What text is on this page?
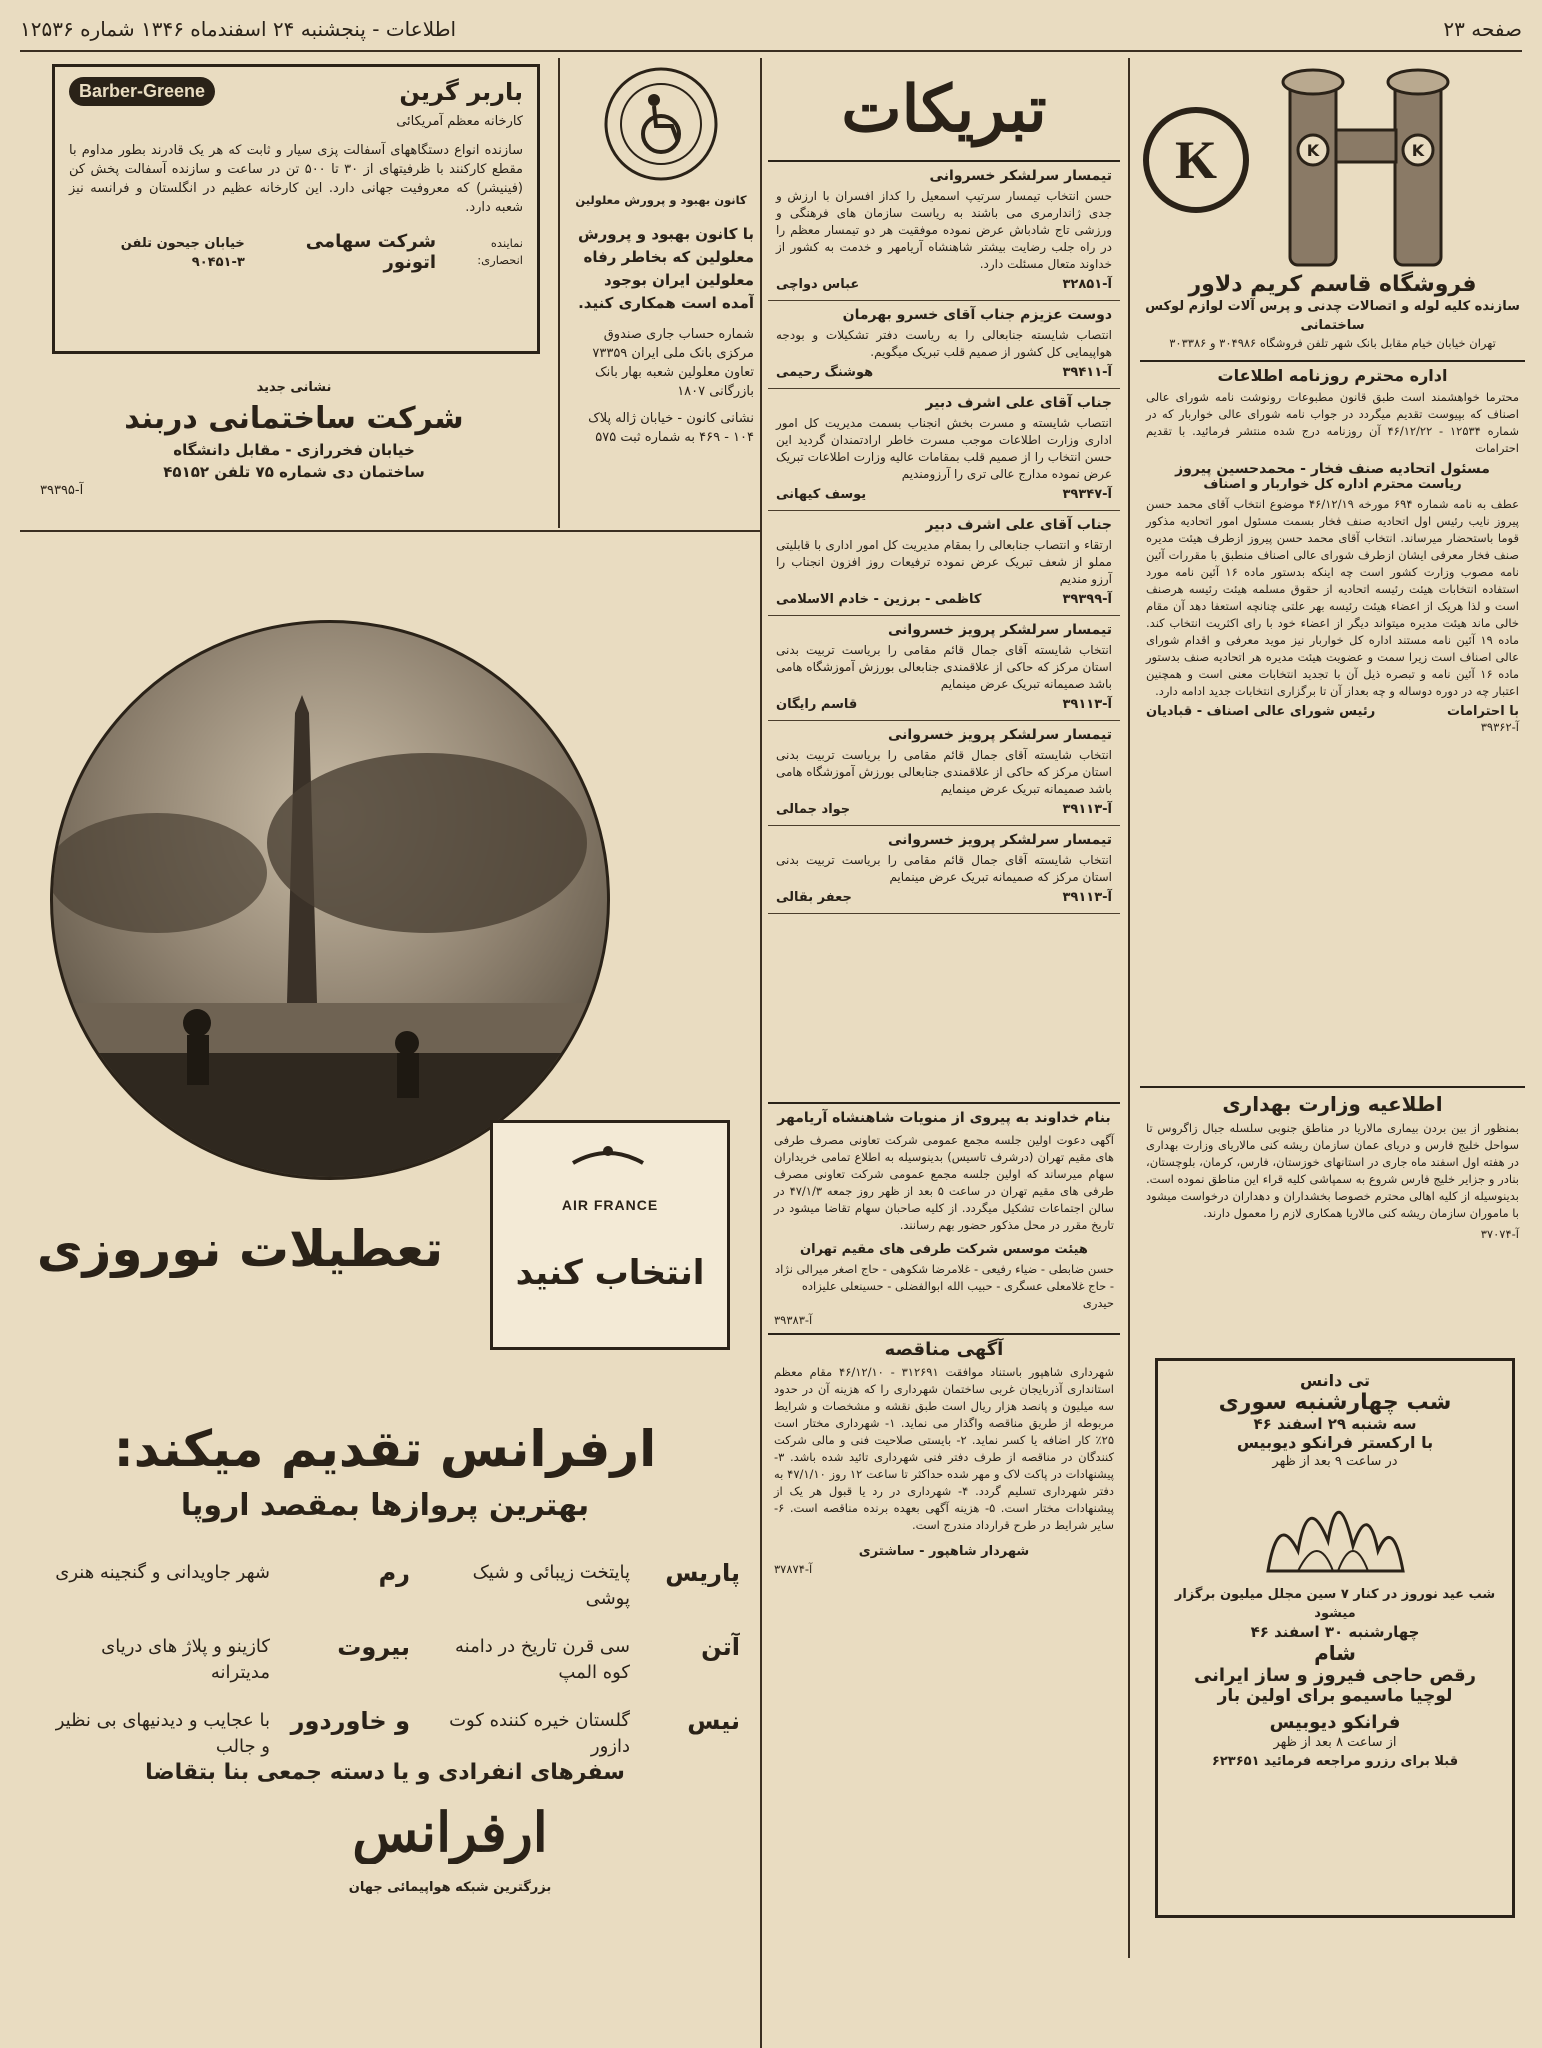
صفحه ۲۳
اطلاعات - پنجشنبه ۲۴ اسفندماه ۱۳۴۶ شماره ۱۲۵۳۶
K	K	K
فروشگاه قاسم کریم دلاور
سازنده کلیه لوله و اتصالات چدنی و پرس آلات لوازم لوکس ساختمانی
تهران خیابان خیام مقابل بانک شهر تلفن فروشگاه ۳۰۴۹۸۶ و ۳۰۳۳۸۶
تبریکات
تیمسار سرلشکر خسروانی

حسن انتخاب تیمسار سرتیپ اسمعیل را کداز افسران با ارزش و جدی ژاندارمری می باشند به ریاست سازمان های فرهنگی و ورزشی تاج شادباش عرض نموده موفقیت هر دو تیمسار معظم را در راه جلب رضایت بیشتر شاهنشاه آریامهر و خدمت به کشور از خداوند متعال مسئلت دارد.

آ-۳۲۸۵۱
عباس دواچی
دوست عزیزم جناب آقای خسرو بهرمان

انتصاب شایسته جنابعالی را به ریاست دفتر تشکیلات و بودجه هواپیمایی کل کشور از صمیم قلب تبریک میگویم.

آ-۳۹۴۱۱
هوشنگ رحیمی
جناب آقای علی اشرف دبیر

انتصاب شایسته و مسرت بخش انجناب بسمت مدیریت کل امور اداری وزارت اطلاعات موجب مسرت خاطر ارادتمندان گردید این حسن انتخاب را از صمیم قلب بمقامات عالیه وزارت اطلاعات تبریک عرض نموده مدارج عالی تری را آرزومندیم

آ-۳۹۳۴۷
یوسف کیهانی
جناب آقای علی اشرف دبیر

ارتقاء و انتصاب جنابعالی را بمقام مدیریت کل امور اداری با قابلیتی مملو از شعف تبریک عرض نموده ترفیعات روز افزون انجناب را آرزو مندیم

آ-۳۹۳۹۹
کاظمی - برزین - خادم الاسلامی
تیمسار سرلشکر پرویز خسروانی

انتخاب شایسته آقای جمال قائم مقامی را بریاست تربیت بدنی استان مرکز که حاکی از علاقمندی جنابعالی بورزش آموزشگاه هامی باشد صمیمانه تبریک عرض مینمایم

آ-۳۹۱۱۳
قاسم رایگان
تیمسار سرلشکر پرویز خسروانی

انتخاب شایسته آقای جمال قائم مقامی را بریاست تربیت بدنی استان مرکز که حاکی از علاقمندی جنابعالی بورزش آموزشگاه هامی باشد صمیمانه تبریک عرض مینمایم

آ-۳۹۱۱۳
جواد جمالی
تیمسار سرلشکر پرویز خسروانی

انتخاب شایسته آقای جمال قائم مقامی را بریاست تربیت بدنی استان مرکز که صمیمانه تبریک عرض مینمایم

آ-۳۹۱۱۳
جعفر بقالی
باربر گرین
Barber-Greene
کارخانه معظم آمریکائی
سازنده انواع دستگاههای آسفالت پزی سیار و ثابت که هر یک قادرند بطور مداوم با مقطع کارکنند با ظرفیتهای از ۳۰ تا ۵۰۰ تن در ساعت و سازنده آسفالت پخش کن (فینیشر) که معروفیت جهانی دارد. این کارخانه عظیم در انگلستان و فرانسه نیز شعبه دارد.
نماینده انحصاری:
شرکت سهامی اتونور
خیابان جیحون تلفن ۳-۹۰۴۵۱
کانون بهبود و پرورش معلولین
با کانون بهبود و پرورش معلولین که بخاطر رفاه معلولین ایران بوجود آمده است همکاری کنید.
شماره حساب جاری صندوق مرکزی بانک ملی ایران ۷۳۳۵۹ تعاون معلولین شعبه بهار بانک بازرگانی ۱۸۰۷
نشانی کانون - خیابان ژاله پلاک ۱۰۴ - ۴۶۹ به شماره ثبت ۵۷۵
نشانی جدید
شرکت ساختمانی دربند
خیابان فخررازی - مقابل دانشگاه
ساختمان دی شماره ۷۵ تلفن ۴۵۱۵۲
آ-۳۹۳۹۵
AIR FRANCE
انتخاب کنید
تعطیلات نوروزی
ارفرانس تقدیم میکند:
بهترین پروازها بمقصد اروپا
پاریس
پایتخت زیبائی و شیک پوشی
رم
شهر جاویدانی و گنجینه هنری
آتن
سی قرن تاریخ در دامنه کوه المپ
بیروت
کازینو و پلاژ های دریای مدیترانه
نیس
گلستان خیره کننده کوت دازور
و خاوردور
با عجایب و دیدنیهای بی نظیر و جالب
سفرهای انفرادی و یا دسته جمعی بنا بتقاضا
ارفرانس
بزرگترین شبکه هواپیمائی جهان
بنام خداوند به پیروی از منویات شاهنشاه آریامهر
آگهی دعوت اولین جلسه مجمع عمومی شرکت تعاونی مصرف طرفی های مقیم تهران (درشرف تاسیس) بدینوسیله به اطلاع تمامی خریداران سهام میرساند که اولین جلسه مجمع عمومی شرکت تعاونی مصرف طرفی های مقیم تهران در ساعت ۵ بعد از ظهر روز جمعه ۴۷/۱/۳ در سالن اجتماعات تشکیل میگردد. از کلیه صاحبان سهام تقاضا میشود در تاریخ مقرر در محل مذکور حضور بهم رسانند.
هیئت موسس شرکت طرفی های مقیم تهران
حسن ضابطی - ضیاء رفیعی - غلامرضا شکوهی - حاج اصغر میرالی نژاد - حاج غلامعلی عسگری - حبیب الله ابوالفضلی - حسینعلی علیزاده حیدری
آ-۳۹۳۸۳
آگهی مناقصه
شهرداری شاهپور باستناد موافقت ۳۱۲۶۹۱ - ۴۶/۱۲/۱۰ مقام معظم استانداری آذربایجان غربی ساختمان شهرداری را که هزینه آن در حدود سه میلیون و پانصد هزار ریال است طبق نقشه و مشخصات و شرایط مربوطه از طریق مناقصه واگذار می نماید. ۱- شهرداری مختار است ۲۵٪ کار اضافه یا کسر نماید. ۲- بایستی صلاحیت فنی و مالی شرکت کنندگان در مناقصه از طرف دفتر فنی شهرداری تائید شده باشد. ۳- پیشنهادات در پاکت لاک و مهر شده حداکثر تا ساعت ۱۲ روز ۴۷/۱/۱۰ به دفتر شهرداری تسلیم گردد. ۴- شهرداری در رد یا قبول هر یک از پیشنهادات مختار است. ۵- هزینه آگهی بعهده برنده مناقصه است. ۶- سایر شرایط در طرح قرارداد مندرج است.
شهردار شاهپور - ساشتری
آ-۳۷۸۷۴
اداره محترم روزنامه اطلاعات
محترما خواهشمند است طبق قانون مطبوعات رونوشت نامه شورای عالی اصناف که بپیوست تقدیم میگردد در جواب نامه شورای عالی خواربار که در شماره ۱۲۵۳۴ - ۴۶/۱۲/۲۲ آن روزنامه درج شده منتشر فرمائید. با تقدیم احترامات
مسئول اتحادیه صنف فخار - محمدحسین پیروز
ریاست محترم اداره کل خواربار و اصناف
عطف به نامه شماره ۶۹۴ مورخه ۴۶/۱۲/۱۹ موضوع انتخاب آقای محمد حسن پیروز نایب رئیس اول اتحادیه صنف فخار بسمت مسئول امور اتحادیه مذکور قوما باستحضار میرساند. انتخاب آقای محمد حسن پیروز ازطرف هیئت مدیره صنف فخار معرفی ایشان ازطرف شورای عالی اصناف منطبق با مقررات آئین نامه مصوب وزارت کشور است چه اینکه بدستور ماده ۱۶ آئین نامه مورد استفاده انتخابات هیئت رئیسه اتحادیه از حقوق مسلمه هیئت رئیسه هرصنف است و لذا هریک از اعضاء هیئت رئیسه بهر علتی چنانچه استعفا دهد آن مقام خالی ماند هیئت مدیره میتواند دیگر از اعضاء خود با رای اکثریت انتخاب کند. ماده ۱۹ آئین نامه مستند اداره کل خواربار نیز موید معرفی و اقدام شورای عالی اصناف است زیرا سمت و عضویت هیئت مدیره هر اتحادیه صنف بدستور ماده ۱۶ آئین نامه و تبصره ذیل آن با تجدید انتخابات معنی است و همچنین اعتبار چه در دوره دوساله و چه بعداز آن تا برگزاری انتخابات جدید ادامه دارد.
با احترامات
رئیس شورای عالی اصناف - قبادیان
آ-۳۹۳۶۲
اطلاعیه وزارت بهداری
بمنظور از بین بردن بیماری مالاریا در مناطق جنوبی سلسله جبال زاگروس تا سواحل خلیج فارس و دریای عمان سازمان ریشه کنی مالاریای وزارت بهداری در هفته اول اسفند ماه جاری در استانهای خوزستان، فارس، کرمان، بلوچستان، بنادر و جزایر خلیج فارس شروع به سمپاشی کلیه قراء این مناطق نموده است. بدینوسیله از کلیه اهالی محترم خصوصا بخشداران و دهداران درخواست میشود با ماموران سازمان ریشه کنی مالاریا همکاری لازم را معمول دارند.
آ-۳۷۰۷۴
تی دانس
شب چهارشنبه سوری
سه شنبه ۲۹ اسفند ۴۶
با ارکستر فرانکو دیوبیس
در ساعت ۹ بعد از ظهر
شب عید نوروز در کنار ۷ سین مجلل میلیون برگزار میشود
چهارشنبه ۳۰ اسفند ۴۶
شام
رقص حاجی فیروز و ساز ایرانی
لوچیا ماسیمو برای اولین بار
فرانکو دیوبیس
از ساعت ۸ بعد از ظهر
قبلا برای رزرو مراجعه فرمائید ۶۲۳۶۵۱
